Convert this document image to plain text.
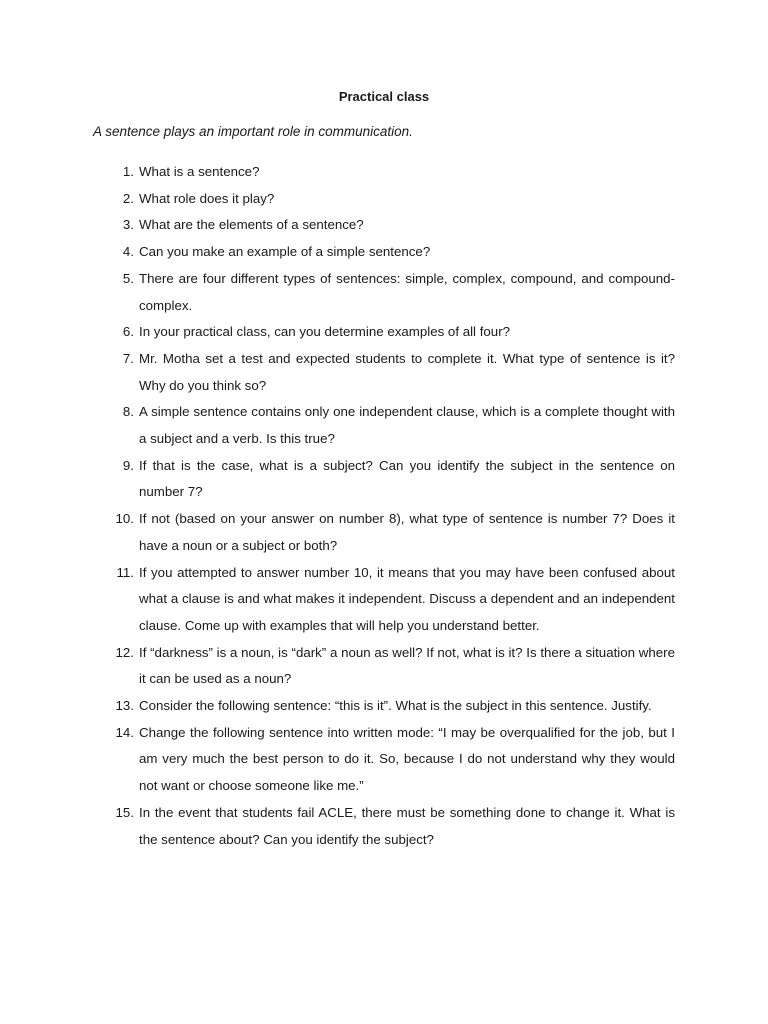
Practical class
A sentence plays an important role in communication.
1. What is a sentence?
2. What role does it play?
3. What are the elements of a sentence?
4. Can you make an example of a simple sentence?
5. There are four different types of sentences: simple, complex, compound, and compound-complex.
6. In your practical class, can you determine examples of all four?
7. Mr. Motha set a test and expected students to complete it. What type of sentence is it? Why do you think so?
8. A simple sentence contains only one independent clause, which is a complete thought with a subject and a verb. Is this true?
9. If that is the case, what is a subject? Can you identify the subject in the sentence on number 7?
10. If not (based on your answer on number 8), what type of sentence is number 7? Does it have a noun or a subject or both?
11. If you attempted to answer number 10, it means that you may have been confused about what a clause is and what makes it independent. Discuss a dependent and an independent clause. Come up with examples that will help you understand better.
12. If “darkness” is a noun, is “dark” a noun as well? If not, what is it? Is there a situation where it can be used as a noun?
13. Consider the following sentence: “this is it”. What is the subject in this sentence. Justify.
14. Change the following sentence into written mode: “I may be overqualified for the job, but I am very much the best person to do it. So, because I do not understand why they would not want or choose someone like me.”
15. In the event that students fail ACLE, there must be something done to change it. What is the sentence about? Can you identify the subject?
